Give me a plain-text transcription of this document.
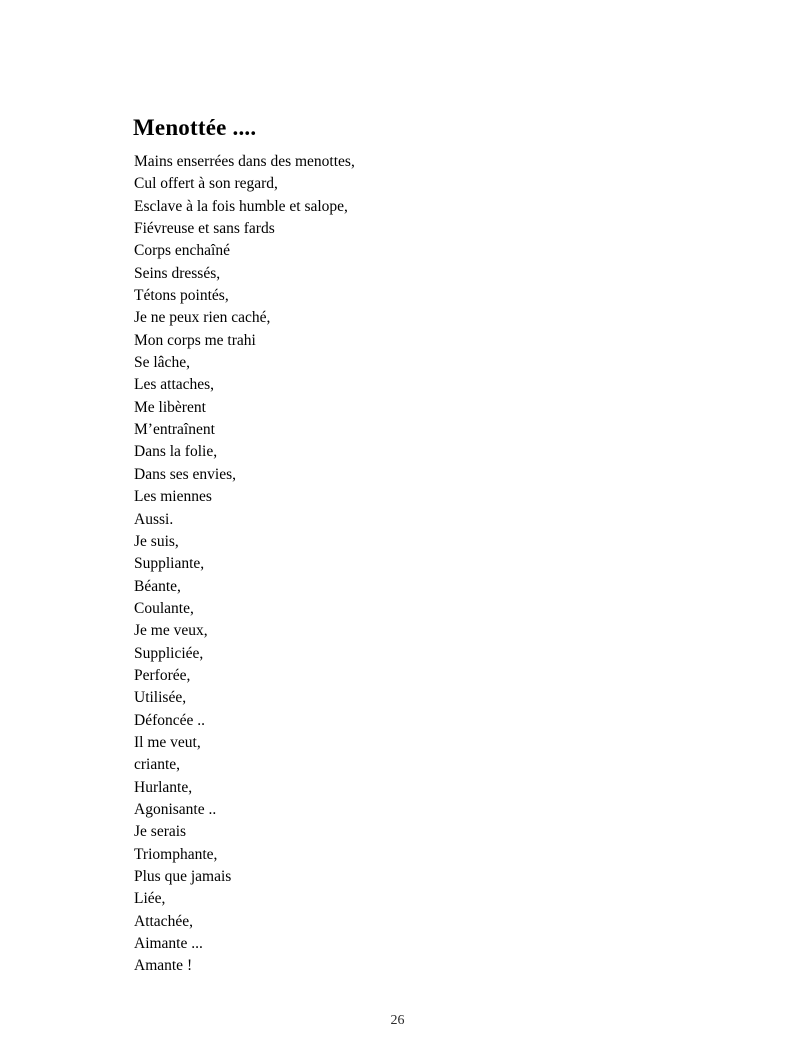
Menottée ....
Mains enserrées dans des menottes,
Cul offert à son regard,
Esclave à la fois humble et salope,
Fiévreuse et sans fards
Corps enchaîné
Seins dressés,
Tétons pointés,
Je ne peux rien caché,
Mon corps me trahi
Se lâche,
Les attaches,
Me libèrent
M’entraînent
Dans la folie,
Dans ses envies,
Les miennes
Aussi.
Je suis,
Suppliante,
Béante,
Coulante,
Je me veux,
Suppliciée,
Perforée,
Utilisée,
Défoncée ..
Il me veut,
criante,
Hurlante,
Agonisante ..
Je serais
Triomphante,
Plus que jamais
Liée,
Attachée,
Aimante ...
Amante !
26
